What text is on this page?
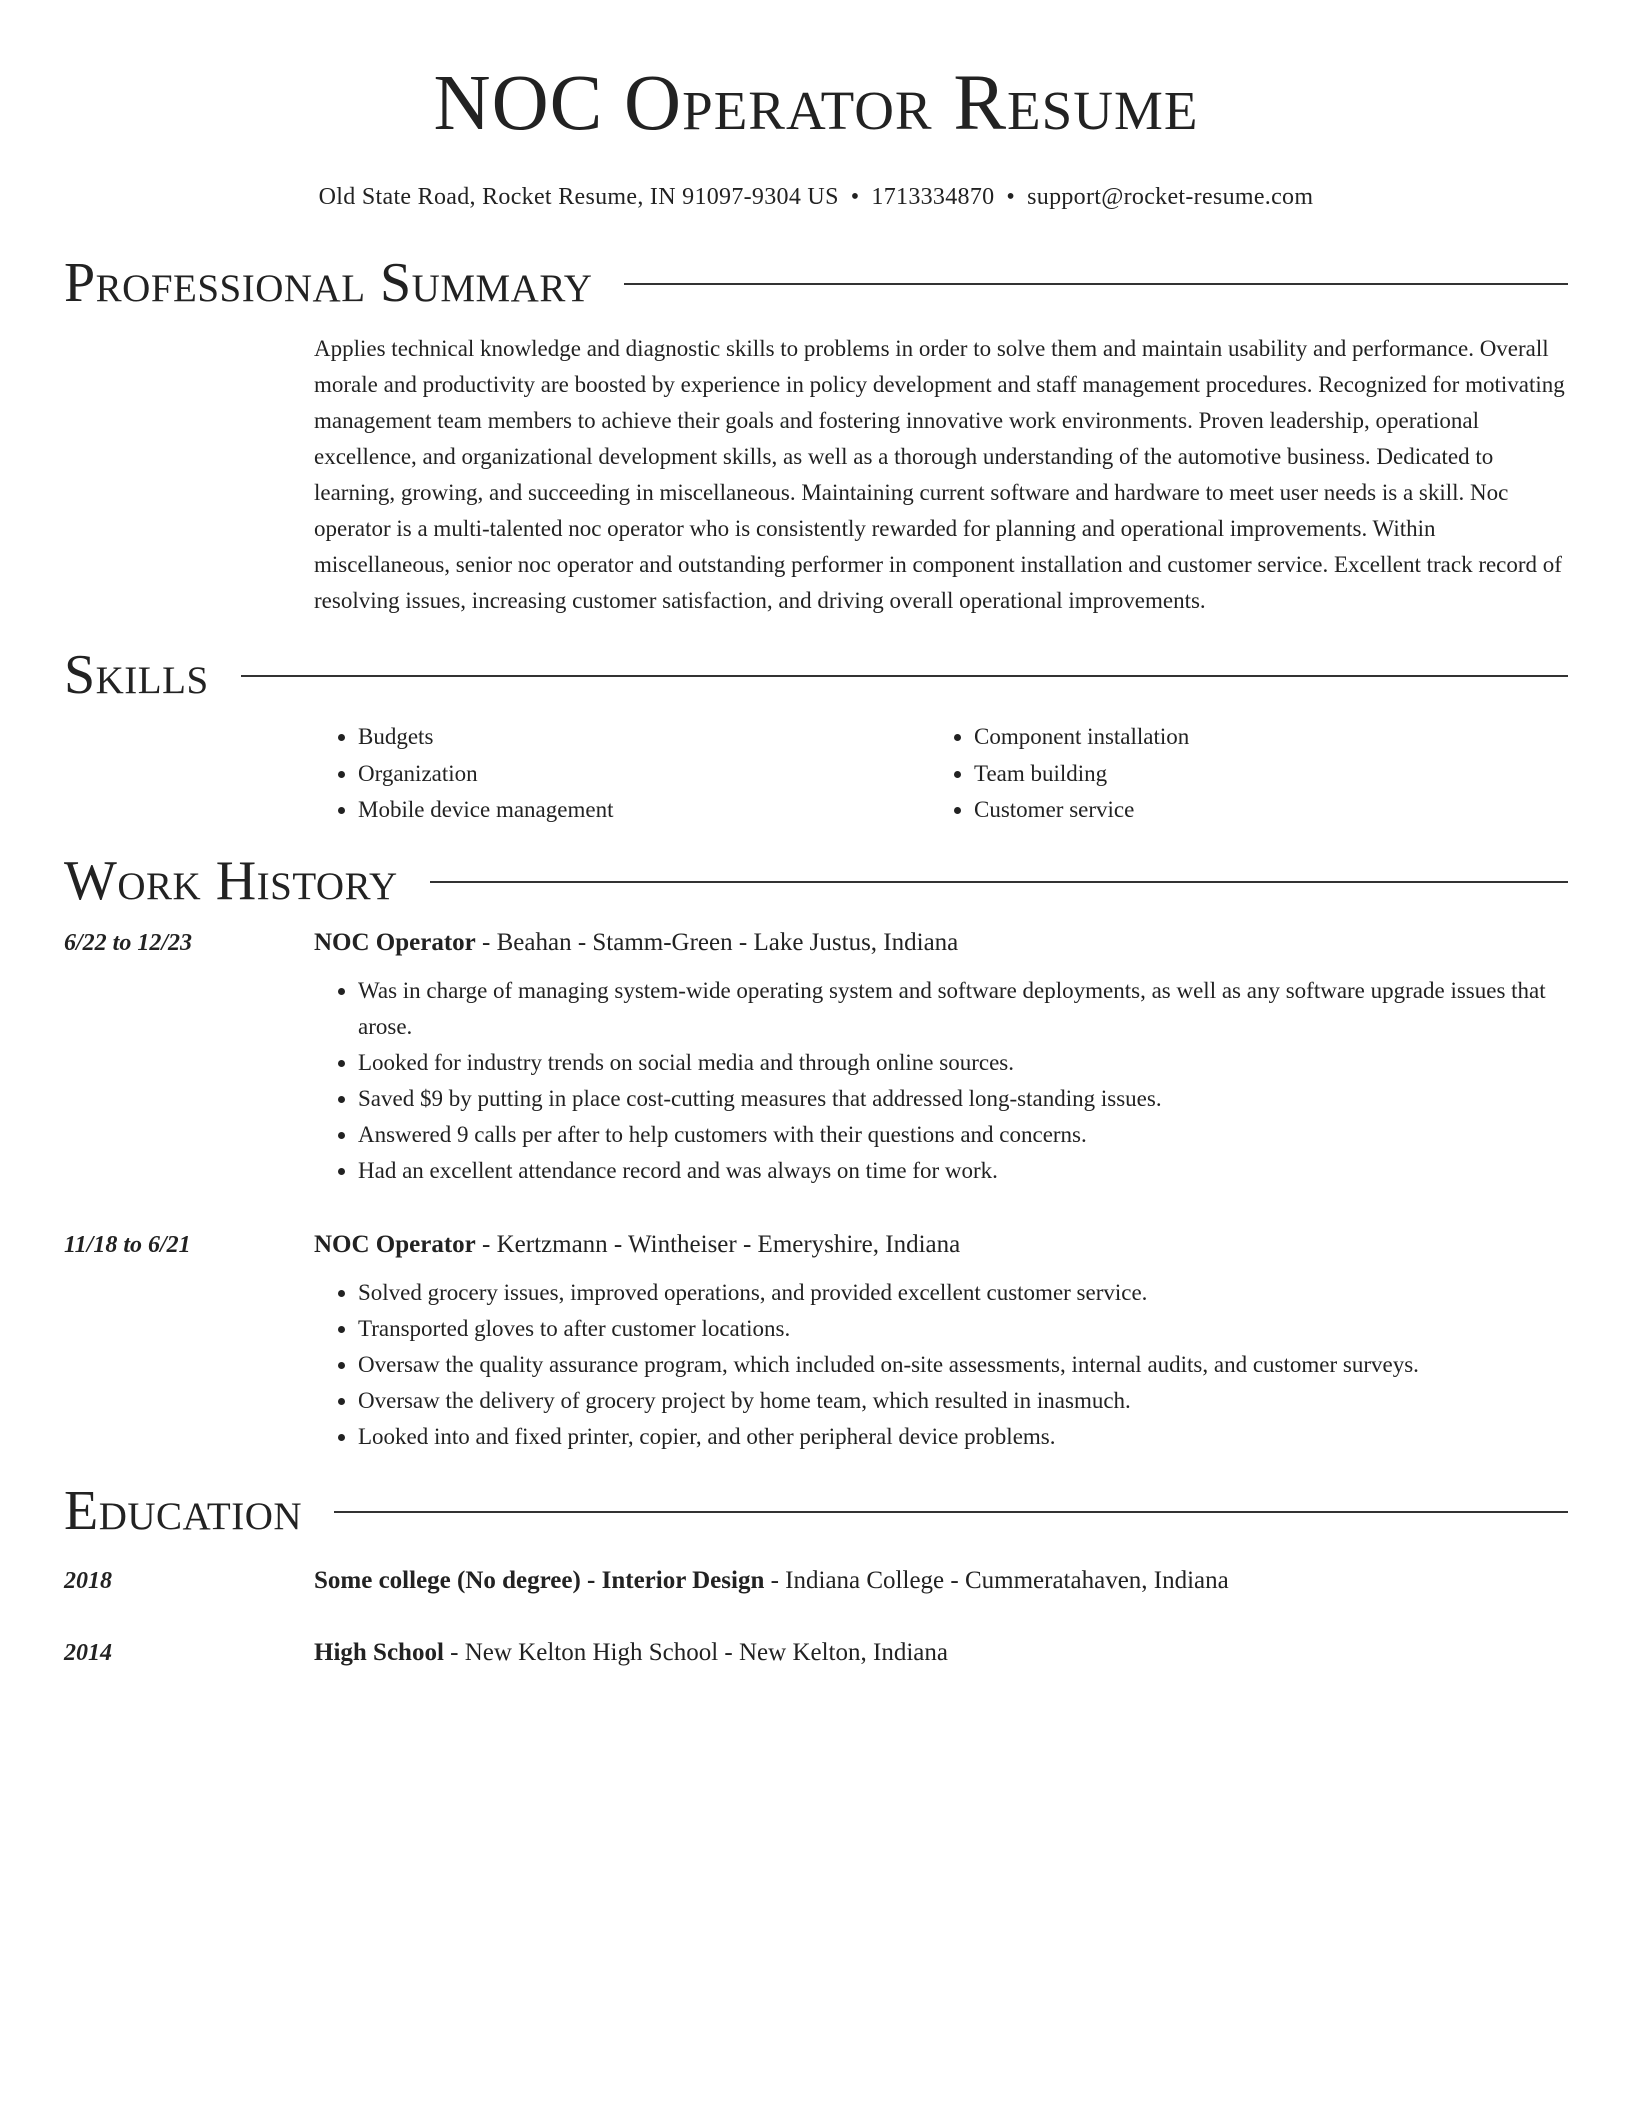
NOC Operator Resume
Old State Road, Rocket Resume, IN 91097-9304 US • 1713334870 • support@rocket-resume.com
Professional Summary

Applies technical knowledge and diagnostic skills to problems in order to solve them and maintain usability and performance. Overall morale and productivity are boosted by experience in policy development and staff management procedures. Recognized for motivating management team members to achieve their goals and fostering innovative work environments. Proven leadership, operational excellence, and organizational development skills, as well as a thorough understanding of the automotive business. Dedicated to learning, growing, and succeeding in miscellaneous. Maintaining current software and hardware to meet user needs is a skill. Noc operator is a multi-talented noc operator who is consistently rewarded for planning and operational improvements. Within miscellaneous, senior noc operator and outstanding performer in component installation and customer service. Excellent track record of resolving issues, increasing customer satisfaction, and driving overall operational improvements.

Skills
• Budgets
• Organization
• Mobile device management
• Component installation
• Team building
• Customer service
Work History
6/22 to 12/23	NOC Operator - Beahan - Stamm-Green - Lake Justus, Indiana
• Was in charge of managing system-wide operating system and software deployments, as well as any software upgrade issues that arose.
• Looked for industry trends on social media and through online sources.
• Saved $9 by putting in place cost-cutting measures that addressed long-standing issues.
• Answered 9 calls per after to help customers with their questions and concerns.
• Had an excellent attendance record and was always on time for work.
11/18 to 6/21	NOC Operator - Kertzmann - Wintheiser - Emeryshire, Indiana
• Solved grocery issues, improved operations, and provided excellent customer service.
• Transported gloves to after customer locations.
• Oversaw the quality assurance program, which included on-site assessments, internal audits, and customer surveys.
• Oversaw the delivery of grocery project by home team, which resulted in inasmuch.
• Looked into and fixed printer, copier, and other peripheral device problems.
Education
2018	Some college (No degree) - Interior Design - Indiana College - Cummeratahaven, Indiana
2014	High School - New Kelton High School - New Kelton, Indiana
